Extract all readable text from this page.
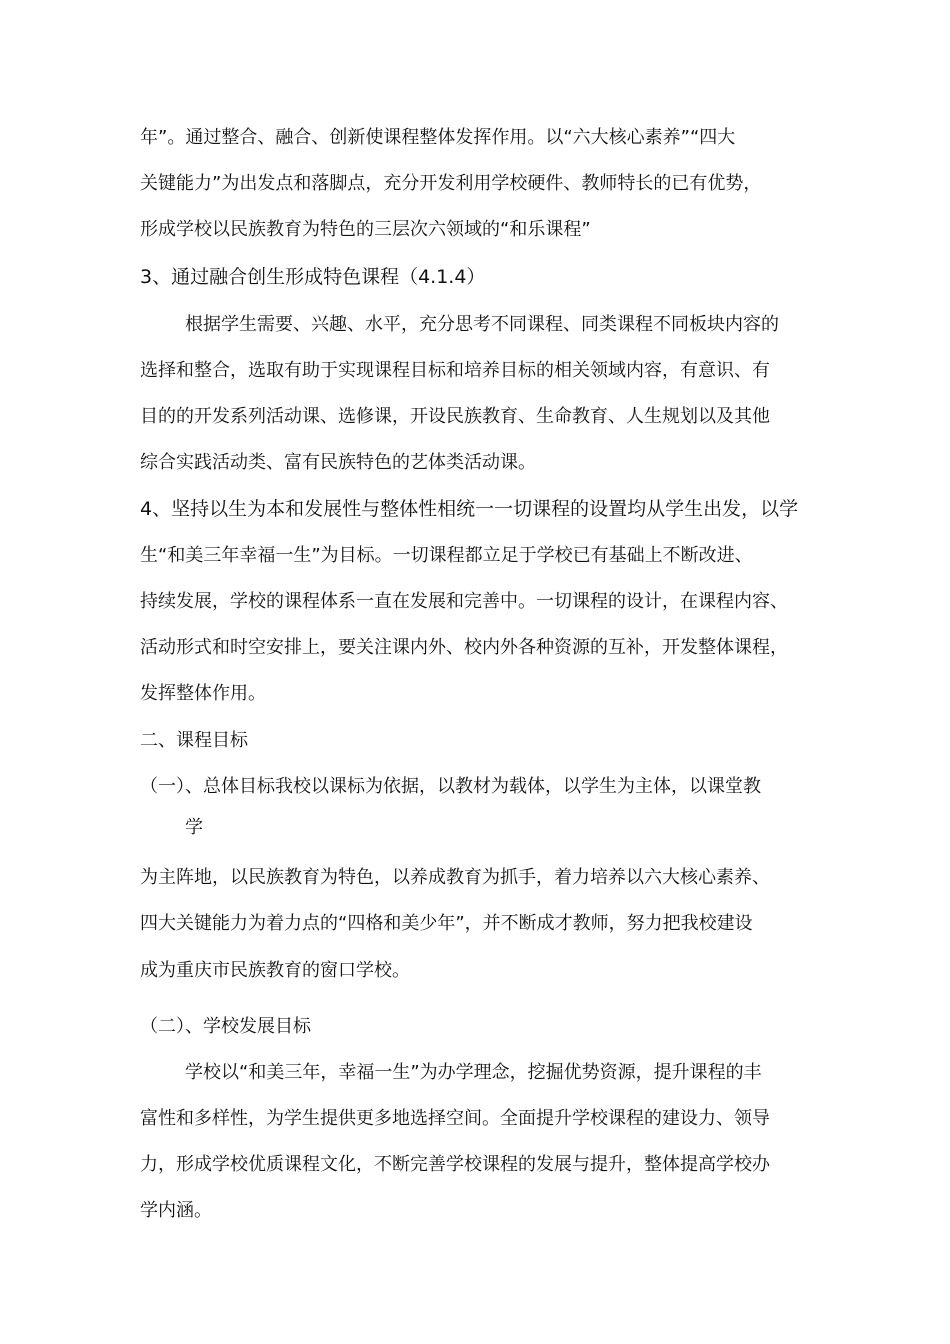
年”。通过整合、融合、创新使课程整体发挥作用。以“六大核心素养”“四大
关键能力”为出发点和落脚点，充分开发利用学校硬件、教师特长的已有优势，
形成学校以民族教育为特色的三层次六领域的“和乐课程”
3、通过融合创生形成特色课程（4.1.4）
根据学生需要、兴趣、水平，充分思考不同课程、同类课程不同板块内容的
选择和整合，选取有助于实现课程目标和培养目标的相关领域内容，有意识、有
目的的开发系列活动课、选修课，开设民族教育、生命教育、人生规划以及其他
综合实践活动类、富有民族特色的艺体类活动课。
4、坚持以生为本和发展性与整体性相统一一切课程的设置均从学生出发，以学
生“和美三年幸福一生”为目标。一切课程都立足于学校已有基础上不断改进、
持续发展，学校的课程体系一直在发展和完善中。一切课程的设计，在课程内容、
活动形式和时空安排上，要关注课内外、校内外各种资源的互补，开发整体课程，
发挥整体作用。
二、课程目标
（一）、总体目标我校以课标为依据，以教材为载体，以学生为主体，以课堂教
学
为主阵地，以民族教育为特色，以养成教育为抓手，着力培养以六大核心素养、
四大关键能力为着力点的“四格和美少年”，并不断成才教师，努力把我校建设
成为重庆市民族教育的窗口学校。
（二）、学校发展目标
学校以“和美三年，幸福一生”为办学理念，挖掘优势资源，提升课程的丰
富性和多样性，为学生提供更多地选择空间。全面提升学校课程的建设力、领导
力，形成学校优质课程文化，不断完善学校课程的发展与提升，整体提高学校办
学内涵。
